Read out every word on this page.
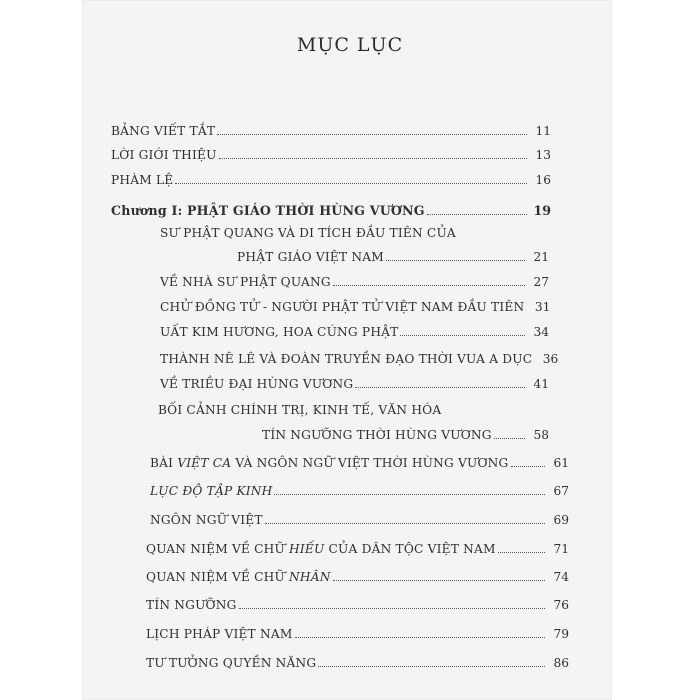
MỤC LỤC
BẢNG VIẾT TẮT	11
LỜI GIỚI THIỆU	13
PHÀM LỆ	16
Chương I: PHẬT GIÁO THỜI HÙNG VƯƠNG	19
SƯ PHẬT QUANG VÀ DI TÍCH ĐẦU TIÊN CỦA
PHẬT GIÁO VIỆT NAM	21
VỀ NHÀ SƯ PHẬT QUANG	27
CHỬ ĐỒNG TỬ - NGƯỜI PHẬT TỬ VIỆT NAM ĐẦU TIÊN 31
UẤT KIM HƯƠNG, HOA CÚNG PHẬT	34
THÀNH NÊ LÊ VÀ ĐOÀN TRUYỀN ĐẠO THỜI VUA A DỤC 36
VỀ TRIỀU ĐẠI HÙNG VƯƠNG	41
BỐI CẢNH CHÍNH TRỊ, KINH TẾ, VĂN HÓA
TÍN NGƯỠNG THỜI HÙNG VƯƠNG	58
BÀI VIỆT CA VÀ NGÔN NGỮ VIỆT THỜI HÙNG VƯƠNG	61
LỤC ĐỘ TẬP KINH	67
NGÔN NGỮ VIỆT	69
QUAN NIỆM VỀ CHỮ HIẾU CỦA DÂN TỘC VIỆT NAM	71
QUAN NIỆM VỀ CHỮ NHÂN	74
TÍN NGƯỠNG	76
LỊCH PHÁP VIỆT NAM	79
TƯ TƯỞNG QUYỀN NĂNG	86
